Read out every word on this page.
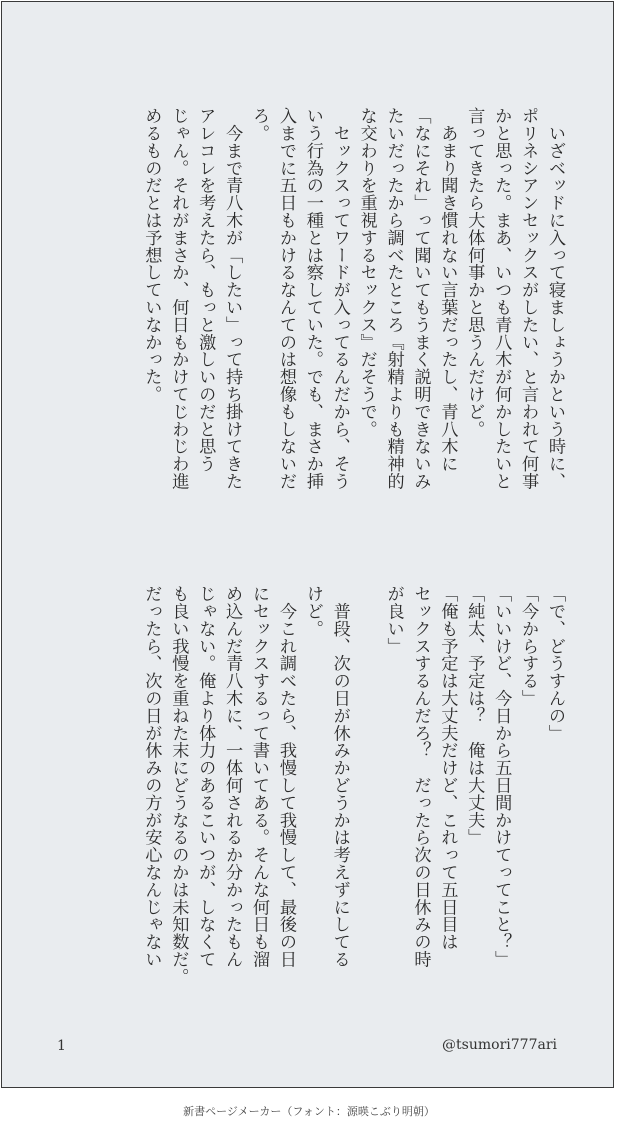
　いざベッドに入って寝ましょうかという時に、
ポリネシアンセックスがしたい、と言われて何事
かと思った。まあ、いつも青八木が何かしたいと
言ってきたら大体何事かと思うんだけど。
　あまり聞き慣れない言葉だったし、青八木に
「なにそれ」って聞いてもうまく説明できないみ
たいだったから調べたところ『射精よりも精神的
な交わりを重視するセックス』だそうで。
　セックスってワードが入ってるんだから、そう
いう行為の一種とは察していた。でも、まさか挿
入までに五日もかけるなんてのは想像もしないだ
ろ。
　今まで青八木が「したい」って持ち掛けてきた
アレコレを考えたら、もっと激しいのだと思う
じゃん。それがまさか、何日もかけてじわじわ進
めるものだとは予想していなかった。
「で、どうすんの」
「今からする」
「いいけど、今日から五日間かけてってこと？」
「純太、予定は？　俺は大丈夫」
「俺も予定は大丈夫だけど、これって五日目は
セックスするんだろ？　だったら次の日休みの時
が良い」

　普段、次の日が休みかどうかは考えずにしてる
けど。
　今これ調べたら、我慢して我慢して、最後の日
にセックスするって書いてある。そんな何日も溜
め込んだ青八木に、一体何されるか分かったもん
じゃない。俺より体力のあるこいつが、しなくて
も良い我慢を重ねた末にどうなるのかは未知数だ。
だったら、次の日が休みの方が安心なんじゃない
1	@tsumori777ari
新書ページメーカー（フォント：源暎こぶり明朝）
